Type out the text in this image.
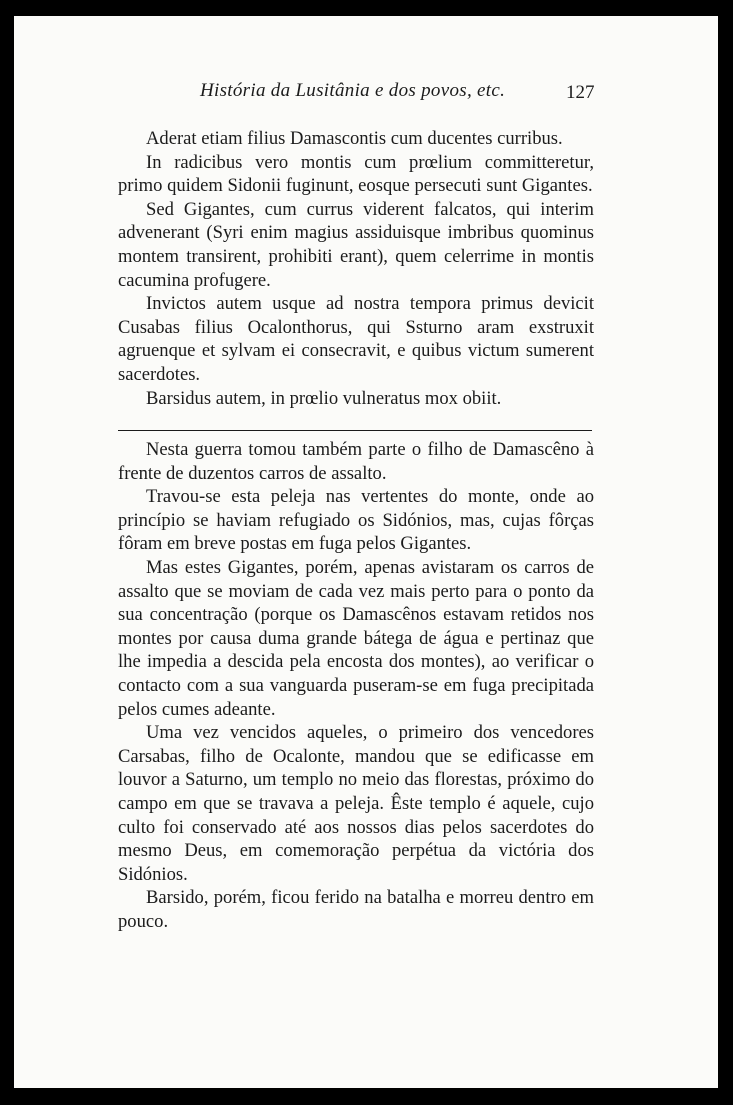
História da Lusitânia e dos povos, etc.	127

Aderat etiam filius Damascontis cum ducentes curribus.

In radicibus vero montis cum prœlium committeretur, primo quidem Sidonii fuginunt, eosque persecuti sunt Gigantes.

Sed Gigantes, cum currus viderent falcatos, qui interim advenerant (Syri enim magius assiduisque imbribus quominus montem transirent, prohibiti erant), quem celerrime in montis cacumina profugere.

Invictos autem usque ad nostra tempora primus devicit Cusabas filius Ocalonthorus, qui Ssturno aram exstruxit agruenque et sylvam ei consecravit, e quibus victum sumerent sacerdotes.

Barsidus autem, in prœlio vulneratus mox obiit.

Nesta guerra tomou também parte o filho de Damascêno à frente de duzentos carros de assalto.

Travou-se esta peleja nas vertentes do monte, onde ao princípio se haviam refugiado os Sidónios, mas, cujas fôrças fôram em breve postas em fuga pelos Gigantes.

Mas estes Gigantes, porém, apenas avistaram os carros de assalto que se moviam de cada vez mais perto para o ponto da sua concentração (porque os Damascênos estavam retidos nos montes por causa duma grande bátega de água e pertinaz que lhe impedia a descida pela encosta dos montes), ao verificar o contacto com a sua vanguarda puseram-se em fuga precipitada pelos cumes adeante.

Uma vez vencidos aqueles, o primeiro dos vencedores Carsabas, filho de Ocalonte, mandou que se edificasse em louvor a Saturno, um templo no meio das florestas, próximo do campo em que se travava a peleja. Êste templo é aquele, cujo culto foi conservado até aos nossos dias pelos sacerdotes do mesmo Deus, em comemoração perpétua da victória dos Sidónios.

Barsido, porém, ficou ferido na batalha e morreu dentro em pouco.
